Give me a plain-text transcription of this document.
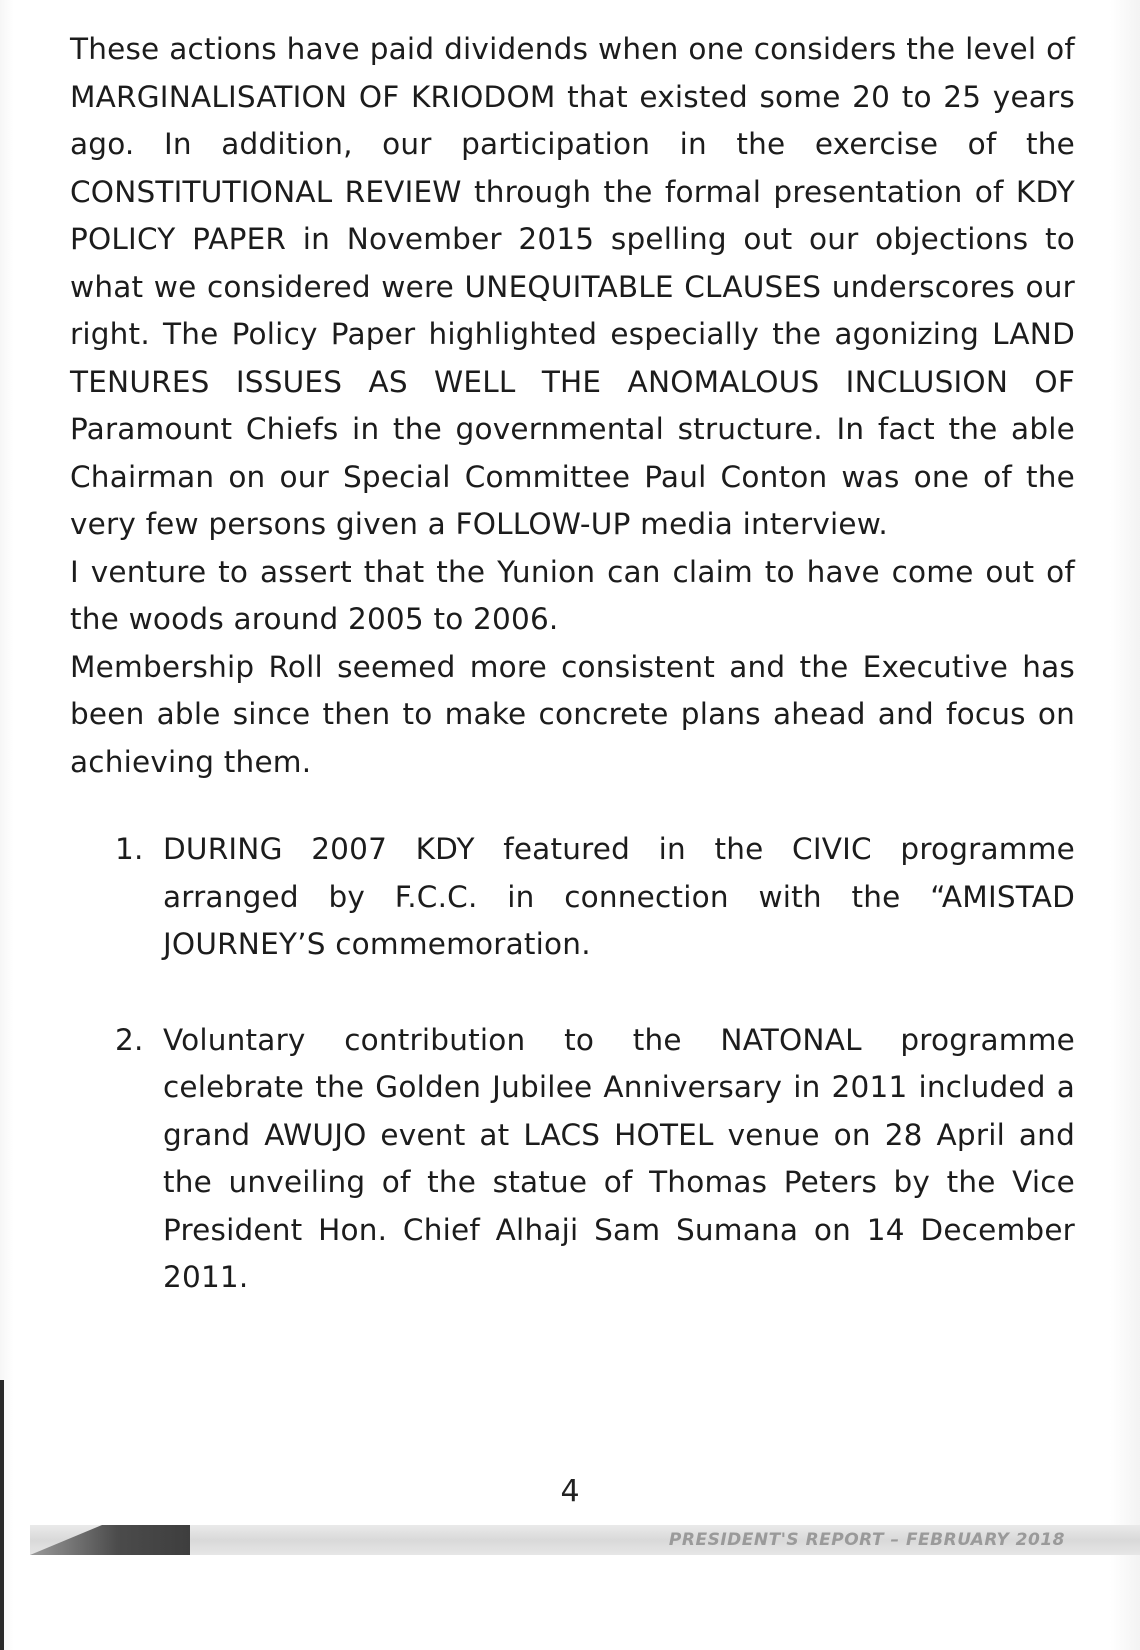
These actions have paid dividends when one considers the level of MARGINALISATION OF KRIODOM that existed some 20 to 25 years ago. In addition, our participation in the exercise of the CONSTITUTIONAL REVIEW through the formal presentation of KDY POLICY PAPER in November 2015 spelling out our objections to what we considered were UNEQUITABLE CLAUSES underscores our right. The Policy Paper highlighted especially the agonizing LAND TENURES ISSUES AS WELL THE ANOMALOUS INCLUSION OF Paramount Chiefs in the governmental structure. In fact the able Chairman on our Special Committee Paul Conton was one of the very few persons given a FOLLOW-UP media interview.

I venture to assert that the Yunion can claim to have come out of the woods around 2005 to 2006.

Membership Roll seemed more consistent and the Executive has been able since then to make concrete plans ahead and focus on achieving them.

1. DURING 2007 KDY featured in the CIVIC programme arranged by F.C.C. in connection with the “AMISTAD JOURNEY’S commemoration.
2. Voluntary contribution to the NATONAL programme celebrate the Golden Jubilee Anniversary in 2011 included a grand AWUJO event at LACS HOTEL venue on 28 April and the unveiling of the statue of Thomas Peters by the Vice President Hon. Chief Alhaji Sam Sumana on 14 December 2011.
4
PRESIDENT'S REPORT – FEBRUARY 2018
